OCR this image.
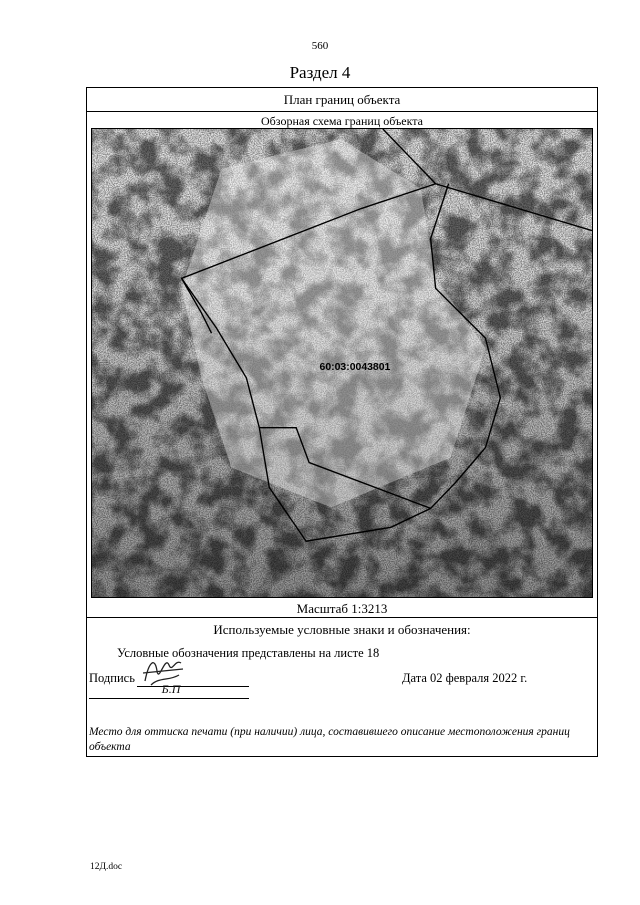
560
Раздел 4
План границ объекта
Обзорная схема границ объекта
60:03:0043801
Масштаб 1:3213
Используемые условные знаки и обозначения:
Условные обозначения представлены на листе 18
Подпись
Б.П
Дата 02 февраля 2022 г.
Место для оттиска печати (при наличии) лица, составившего описание местоположения границ объекта
12Д.doc
